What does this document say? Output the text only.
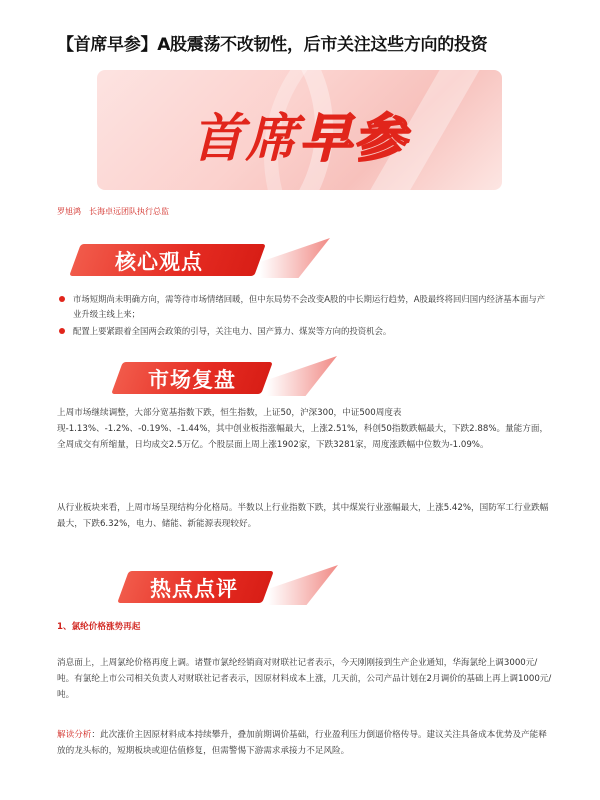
【首席早参】A股震荡不改韧性，后市关注这些方向的投资
首席早参
罗旭鸿 长海卓远团队执行总监
核心观点
市场短期尚未明确方向，需等待市场情绪回暖，但中东局势不会改变A股的中长期运行趋势，A股最终将回归国内经济基本面与产业升级主线上来；
配置上要紧跟着全国两会政策的引导，关注电力、国产算力、煤炭等方向的投资机会。
市场复盘
上周市场继续调整，大部分宽基指数下跌，恒生指数，上证50，沪深300，中证500周度表现-1.13%、-1.2%、-0.19%、-1.44%，其中创业板指涨幅最大，上涨2.51%，科创50指数跌幅最大，下跌2.88%。量能方面，全周成交有所缩量，日均成交2.5万亿。个股层面上周上涨1902家，下跌3281家，周度涨跌幅中位数为-1.09%。
从行业板块来看，上周市场呈现结构分化格局。半数以上行业指数下跌，其中煤炭行业涨幅最大，上涨5.42%，国防军工行业跌幅最大，下跌6.32%，电力、储能、新能源表现较好。
热点点评
1、氯纶价格涨势再起
消息面上，上周氯纶价格再度上调。诸暨市氯纶经销商对财联社记者表示，今天刚刚接到生产企业通知，华海氯纶上调3000元/吨。有氯纶上市公司相关负责人对财联社记者表示，因原材料成本上涨，几天前，公司产品计划在2月调价的基础上再上调1000元/吨。
解读分析：此次涨价主因原材料成本持续攀升，叠加前期调价基础，行业盈利压力倒逼价格传导。建议关注具备成本优势及产能释放的龙头标的，短期板块或迎估值修复，但需警惕下游需求承接力不足风险。
